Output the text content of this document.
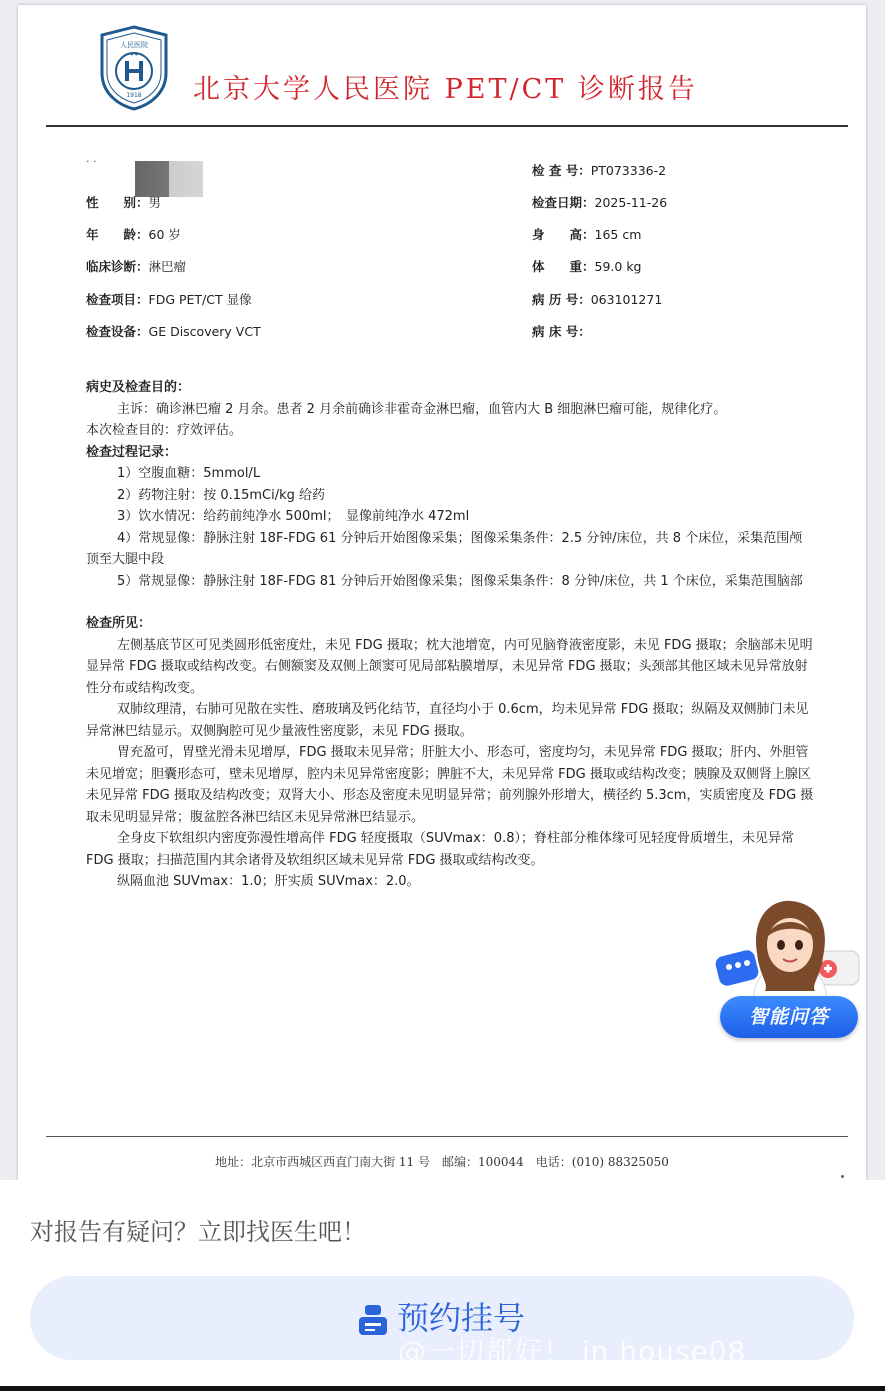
人民医院
1918 北京大学人民医院 PET/CT 诊断报告
· ·
性　　别：男
年　　龄：60 岁
临床诊断：淋巴瘤
检查项目：FDG PET/CT 显像
检查设备：GE Discovery VCT
检 查 号：PT073336-2
检查日期：2025-11-26
身　　高：165 cm
体　　重：59.0 kg
病 历 号：063101271
病 床 号：
病史及检查目的：

主诉：确诊淋巴瘤 2 月余。患者 2 月余前确诊非霍奇金淋巴瘤，血管内大 B 细胞淋巴瘤可能，规律化疗。

本次检查目的：疗效评估。

检查过程记录：

1）空腹血糖：5mmol/L

2）药物注射：按 0.15mCi/kg 给药

3）饮水情况：给药前纯净水 500ml；　显像前纯净水 472ml

4）常规显像：静脉注射 18F-FDG 61 分钟后开始图像采集；图像采集条件：2.5 分钟/床位，共 8 个床位，采集范围颅顶至大腿中段

5）常规显像：静脉注射 18F-FDG 81 分钟后开始图像采集；图像采集条件：8 分钟/床位，共 1 个床位，采集范围脑部

检查所见：

左侧基底节区可见类圆形低密度灶，未见 FDG 摄取；枕大池增宽，内可见脑脊液密度影，未见 FDG 摄取；余脑部未见明显异常 FDG 摄取或结构改变。右侧额窦及双侧上颌窦可见局部粘膜增厚，未见异常 FDG 摄取；头颈部其他区域未见异常放射性分布或结构改变。

双肺纹理清，右肺可见散在实性、磨玻璃及钙化结节，直径均小于 0.6cm，均未见异常 FDG 摄取；纵隔及双侧肺门未见异常淋巴结显示。双侧胸腔可见少量液性密度影，未见 FDG 摄取。

胃充盈可，胃壁光滑未见增厚，FDG 摄取未见异常；肝脏大小、形态可，密度均匀，未见异常 FDG 摄取；肝内、外胆管未见增宽；胆囊形态可，壁未见增厚，腔内未见异常密度影；脾脏不大，未见异常 FDG 摄取或结构改变；胰腺及双侧肾上腺区未见异常 FDG 摄取及结构改变；双肾大小、形态及密度未见明显异常；前列腺外形增大，横径约 5.3cm，实质密度及 FDG 摄取未见明显异常；腹盆腔各淋巴结区未见异常淋巴结显示。

全身皮下软组织内密度弥漫性增高伴 FDG 轻度摄取（SUVmax：0.8）；脊柱部分椎体缘可见轻度骨质增生，未见异常 FDG 摄取；扫描范围内其余诸骨及软组织区域未见异常 FDG 摄取或结构改变。

纵隔血池 SUVmax：1.0；肝实质 SUVmax：2.0。

地址：北京市西城区西直门南大街 11 号　邮编：100044　电话：(010) 88325050
智能问答
对报告有疑问？立即找医生吧！
预约挂号
@一切都好！ in house08
